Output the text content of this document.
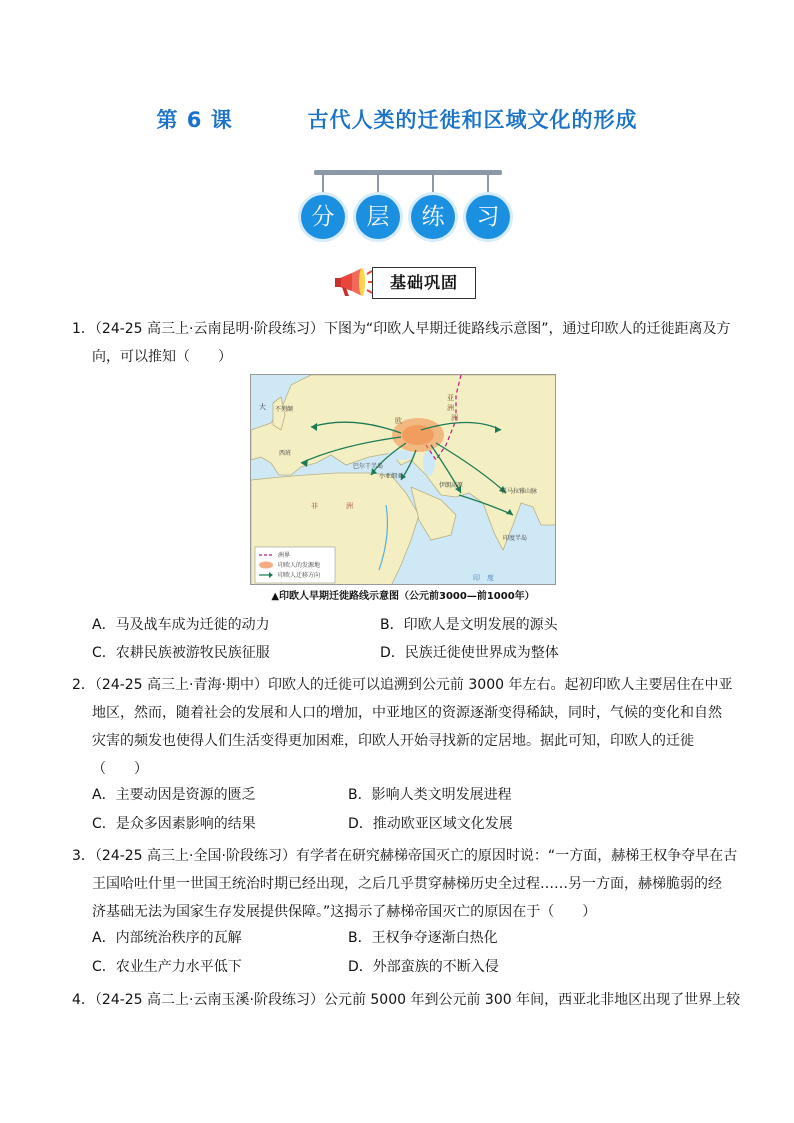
第 6 课	古代人类的迁徙和区域文化的形成
分	层	练	习
基础巩固
1．（24-25 高三上·云南昆明·阶段练习）下图为“印欧人早期迁徙路线示意图”，通过印欧人的迁徙距离及方
向，可以推知（　　）
大
欧	洲
亚
洲
不列颠
西班
巴尔干半岛
小亚细亚
伊朗高原
印度半岛
喜马拉雅山脉
非	洲
印　度
洲界
印欧人的发源地
印欧人迁移方向
▲印欧人早期迁徙路线示意图（公元前3000—前1000年）
A．马及战车成为迁徙的动力	B．印欧人是文明发展的源头
C．农耕民族被游牧民族征服	D．民族迁徙使世界成为整体
2．（24-25 高三上·青海·期中）印欧人的迁徙可以追溯到公元前 3000 年左右。起初印欧人主要居住在中亚
地区，然而，随着社会的发展和人口的增加，中亚地区的资源逐渐变得稀缺，同时，气候的变化和自然
灾害的频发也使得人们生活变得更加困难，印欧人开始寻找新的定居地。据此可知，印欧人的迁徙
（　　）
A．主要动因是资源的匮乏	B．影响人类文明发展进程
C．是众多因素影响的结果	D．推动欧亚区域文化发展
3．（24-25 高三上·全国·阶段练习）有学者在研究赫梯帝国灭亡的原因时说：“一方面，赫梯王权争夺早在古
王国哈吐什里一世国王统治时期已经出现，之后几乎贯穿赫梯历史全过程……另一方面，赫梯脆弱的经
济基础无法为国家生存发展提供保障。”这揭示了赫梯帝国灭亡的原因在于（　　）
A．内部统治秩序的瓦解	B．王权争夺逐渐白热化
C．农业生产力水平低下	D．外部蛮族的不断入侵
4．（24-25 高二上·云南玉溪·阶段练习）公元前 5000 年到公元前 300 年间，西亚北非地区出现了世界上较
